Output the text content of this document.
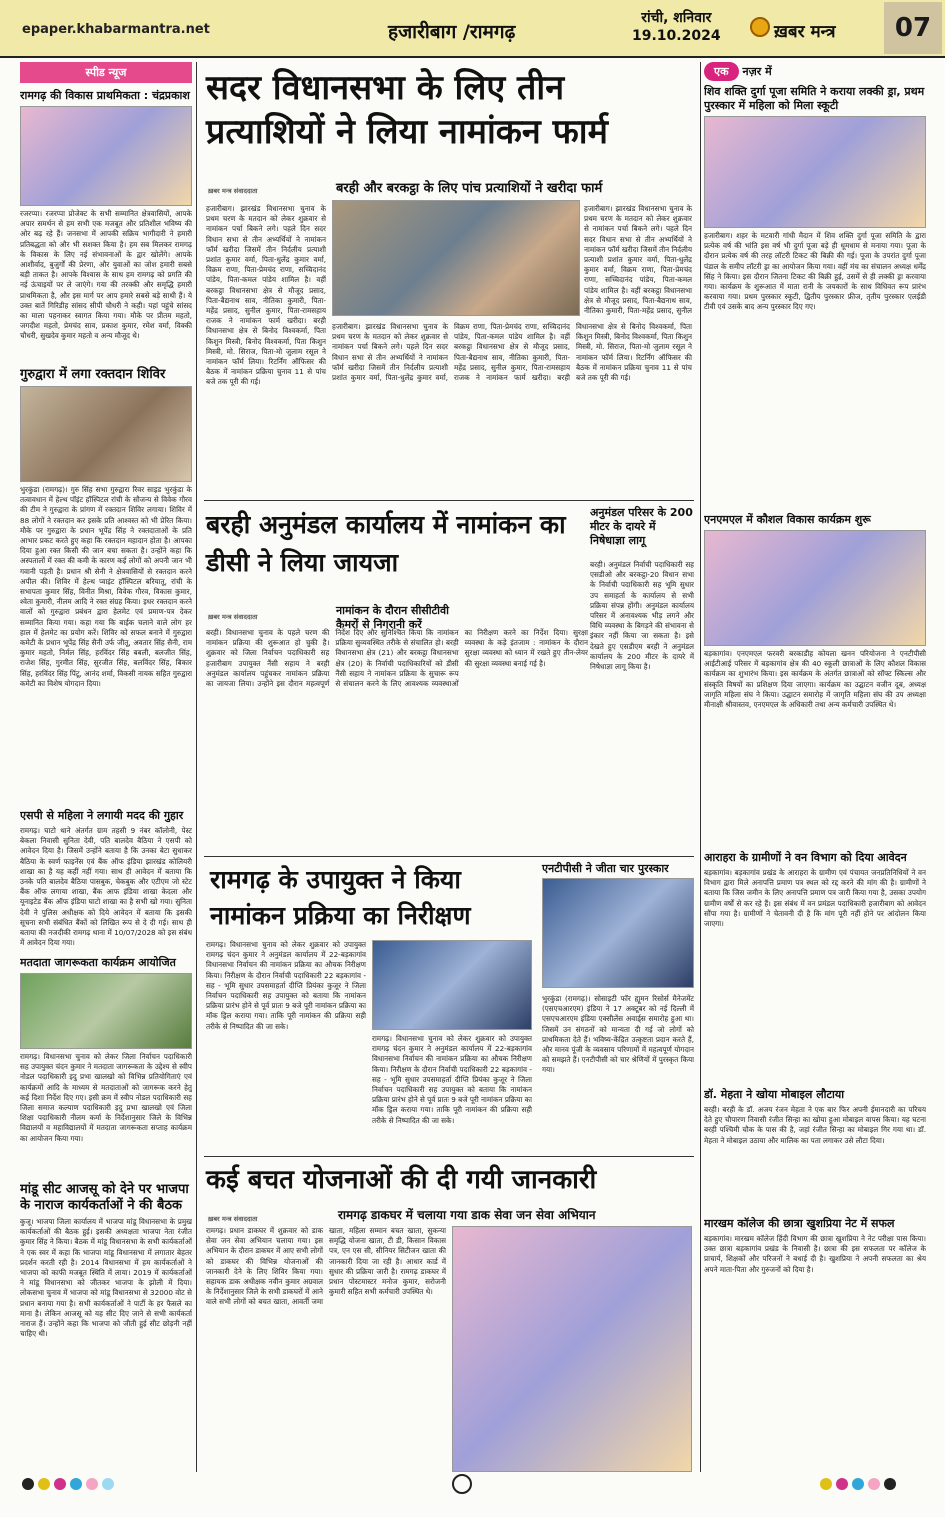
epaper.khabarmantra.net	हजारीबाग /रामगढ़
रांची, शनिवार
19.10.2024	ख़बर मन्त्र	07
स्पीड न्यूज
रामगढ़ की विकास प्राथमिकता : चंद्रप्रकाश
रजरप्पा। रजरप्पा प्रोजेक्ट के सभी सम्मानित क्षेत्रवासियों, आपके अपार समर्थन से हम सभी एक मजबूत और प्रतिशील भविष्य की ओर बढ़ रहे हैं। जनसभा में आपकी सक्रिय भागीदारी ने हमारी प्रतिबद्धता को और भी सशक्त किया है। हम सब मिलकर रामगढ़ के विकास के लिए नई संभावनाओं के द्वार खोलेंगे। आपके आशीर्वाद, बुजुर्गों की प्रेरणा, और युवाओं का जोश हमारी सबसे बड़ी ताकत है। आपके विश्वास के साथ हम रामगढ़ को प्रगति की नई ऊंचाइयों पर ले जाएंगे। गया की तरक्की और समृद्धि हमारी प्राथमिकता है, और इस मार्ग पर आप हमारे सबसे बड़े साथी हैं। ये उक्त बातें गिरिडीह सांसद सीपी चौधरी ने कही। यहां पहुंचे सांसद का माला पहनाकर स्वागत किया गया। मौके पर प्रीतम महतो, जगदीश महतो, प्रेमचंद साव, प्रकाश कुमार, रमेश वर्मा, विक्की चौधरी, सुखदेव कुमार महतो व अन्य मौजूद थे।
गुरुद्वारा में लगा रक्तदान शिविर
भुरकुंडा (रामगढ़)। गुरु सिंह सभा गुरुद्वारा रिवर साइड भुरकुंडा के तत्वावधान में हेल्थ पॉइंट हॉस्पिटल रांची के सौजन्य से विवेक गौरव की टीम ने गुरुद्वारा के प्रांगण में रक्तदान शिविर लगाया। शिविर में 88 लोगों ने रक्तदान कर इसके प्रति आश्वस्त को भी प्रेरित किया। मौके पर गुरुद्वारा के प्रधान भूपेंद्र सिंह ने रक्तदाताओं के प्रति आभार प्रकट करते हुए कहा कि रक्तदान महादान होता है। आपका दिया हुआ रक्त किसी की जान बचा सकता है। उन्होंने कहा कि अस्पतालों में रक्त की कमी के कारण कई लोगों को अपनी जान भी गवानी पड़ती है। प्रधान श्री सेनी ने क्षेत्रवासियों से रक्तदान करने अपील की। शिविर में हेल्थ प्वाइंट हॉस्पिटल बरियातू, रांची के सभापता कुमार सिंह, विनीत मिश्रा, विवेक गौरव, विकास कुमार, श्वेता कुमारी, नीलम आदि ने रक्त संग्रह किया। इधर रक्तदान करने वालों को गुरुद्वारा प्रबंधन द्वारा हेलमेट एवं प्रमाण-पत्र देकर सम्मानित किया गया। कहा गया कि बाईक चलाने वाले लोग हर हाल में हेलमेट का प्रयोग करें। शिविर को सफल बनाने में गुरुद्वारा कमेटी के प्रधान भूपेंद्र सिंह सैनी उर्फ जीतू, अवतार सिंह सैनी, राम कुमार महतो, निर्मल सिंह, हरविंदर सिंह बबली, बलजीत सिंह, राजेश सिंह, गुरमीत सिंह, सुरजीत सिंह, बलविंदर सिंह, बिकार सिंह, हरविंदर सिंह पिंटू, आनंद शर्मा, विकसी नायक सहित गुरुद्वारा कमेटी का विशेष योगदान दिया।
एसपी से महिला ने लगायी मदद की गुहार
रामगढ़। घाटो थाने अंतर्गत ग्राम तहसी 9 नंबर कॉलोनी, पेस्ट बेकला निवासी सुनिता देवी, पति बालदेव बैठिया ने एसपी को आवेदन दिया है। जिसमें उन्होंने बताया है कि उनका बेटा सुधाकर बैठिया के स्वर्ण फाइनेंस एवं बैंक ऑफ इंडिया झारखंड कोलियरी शाखा का है यह कहीं नहीं गया। साथ ही आवेदन में बताया कि उनके पति बालदेव बैठिया पासबुक, चेकबुक और एटीएम जो स्टेट बैंक ऑफ लगाया शाखा, बैंक आफ इंडिया शाखा केदला और यूनाइटेड बैंक ऑफ इंडिया घाटो शाखा का है सभी खो गया। सुनिता देवी ने पुलिस अधीक्षक को दिये आवेदन में बताया कि इसकी सूचना सभी संबंधित बैंकों को लिखित रूप से दे दी गई। साथ ही बताया की नजदीकी रामगढ़ थाना में 10/07/2028 को इस संबंध में आवेदन दिया गया।
मतदाता जागरूकता कार्यक्रम आयोजित
रामगढ़। विधानसभा चुनाव को लेकर जिला निर्वाचन पदाधिकारी सह उपायुक्त चंदन कुमार ने मतदाता जागरूकता के उद्देश्य से स्वीप नोडल पदाधिकारी इदु प्रभा खालखो को विभिन्न प्रतियोगिताएं एवं कार्यक्रमों आदि के माध्यम से मतदाताओं को जागरूक करने हेतु कई दिशा निर्देश दिए गए। इसी क्रम में स्वीप नोडल पदाधिकारी सह जिला समाज कल्याण पदाधिकारी इदु प्रभा खालखो एवं जिला शिक्षा पदाधिकारी नीलम कर्मा के निर्देशानुसार जिले के विभिन्न विद्यालयों व महाविद्यालयों में मतदाता जागरूकता सप्ताह कार्यक्रम का आयोजन किया गया।
मांडू सीट आजसू को देने पर भाजपा के नाराज कार्यकर्ताओं ने की बैठक
कुजू। भाजपा जिला कार्यालय में भाजपा मांडू विधानसभा के प्रमुख कार्यकर्ताओं की बैठक हुई। इसकी अध्यक्षता भाजपा नेता रंजीत कुमार सिंह ने किया। बैठक में मांडू विधानसभा के सभी कार्यकर्ताओं ने एक स्वर में कहा कि भाजपा मांडू विधानसभा में लगातार बेहतर प्रदर्शन करती रही है। 2014 विधानसभा में हम कार्यकर्ताओं ने भाजपा को काफी मजबूत स्थिति में लाया। 2019 में कार्यकर्ताओं ने मांडू विधानसभा को जीतकर भाजपा के झोली में दिया। लोकसभा चुनाव में भाजपा को मांडू विधानसभा से 32000 वोट से प्रधान बनाया गया है। सभी कार्यकर्ताओं ने पार्टी के हर फैसले का माना है। लेकिन आजसू को यह सीट दिए जाने से सभी कार्यकर्ता नाराज हैं। उन्होंने कहा कि भाजपा को जीती हुई सीट छोड़नी नहीं चाहिए थी।
सदर विधानसभा के लिए तीन प्रत्याशियों ने लिया नामांकन फार्म
बरही और बरकट्ठा के लिए पांच प्रत्याशियों ने खरीदा फार्म
ख़बर मन्त्र संवाददाता
हजारीबाग। झारखंड विधानसभा चुनाव के प्रथम चरण के मतदान को लेकर शुक्रवार से नामांकन पर्चा बिकने लगे। पहले दिन सदर विधान सभा से तीन अभ्यर्थियों ने नामांकन फॉर्म खरीदा जिसमें तीन निर्दलीय प्रत्याशी प्रशांत कुमार वर्मा, पिता-धुलेंद्र कुमार वर्मा, विक्रम राणा, पिता-प्रेमचंद राणा, सच्चिदानंद पांडेय, पिता-कमल पांडेय शामिल है। वहीं बरकट्ठा विधानसभा क्षेत्र से मौजूद प्रसाद, पिता-बैद्यनाथ साव, नीतिका कुमारी, पिता-महेंद्र प्रसाद, सुनील कुमार, पिता-रामसहाय राजक ने नामांकन फार्म खरीदा। बरही विधानसभा क्षेत्र से बिनोद विश्वकर्मा, पिता किशुन मिस्त्री, बिनोद विश्वकर्मा, पिता किशुन मिस्त्री, मो. सिराज, पिता-मो जुलाम रसूल ने नामांकन फॉर्म लिया। रिटर्निंग ऑफिसर की बैठक में नामांकन प्रक्रिया चुनाव 11 से पांच बजे तक पूरी की गई।
हजारीबाग। झारखंड विधानसभा चुनाव के प्रथम चरण के मतदान को लेकर शुक्रवार से नामांकन पर्चा बिकने लगे। पहले दिन सदर विधान सभा से तीन अभ्यर्थियों ने नामांकन फॉर्म खरीदा जिसमें तीन निर्दलीय प्रत्याशी प्रशांत कुमार वर्मा, पिता-धुलेंद्र कुमार वर्मा, विक्रम राणा, पिता-प्रेमचंद राणा, सच्चिदानंद पांडेय, पिता-कमल पांडेय शामिल है। वहीं बरकट्ठा विधानसभा क्षेत्र से मौजूद प्रसाद, पिता-बैद्यनाथ साव, नीतिका कुमारी, पिता-महेंद्र प्रसाद, सुनील कुमार, पिता-रामसहाय राजक ने नामांकन फार्म खरीदा। बरही विधानसभा क्षेत्र से बिनोद विश्वकर्मा, पिता किशुन मिस्त्री, बिनोद विश्वकर्मा, पिता किशुन मिस्त्री, मो. सिराज, पिता-मो जुलाम रसूल ने नामांकन फॉर्म लिया। रिटर्निंग ऑफिसर की बैठक में नामांकन प्रक्रिया चुनाव 11 से पांच बजे तक पूरी की गई।
हजारीबाग। झारखंड विधानसभा चुनाव के प्रथम चरण के मतदान को लेकर शुक्रवार से नामांकन पर्चा बिकने लगे। पहले दिन सदर विधान सभा से तीन अभ्यर्थियों ने नामांकन फॉर्म खरीदा जिसमें तीन निर्दलीय प्रत्याशी प्रशांत कुमार वर्मा, पिता-धुलेंद्र कुमार वर्मा, विक्रम राणा, पिता-प्रेमचंद राणा, सच्चिदानंद पांडेय, पिता-कमल पांडेय शामिल है। वहीं बरकट्ठा विधानसभा क्षेत्र से मौजूद प्रसाद, पिता-बैद्यनाथ साव, नीतिका कुमारी, पिता-महेंद्र प्रसाद, सुनील
बरही अनुमंडल कार्यालय में नामांकन का डीसी ने लिया जायजा
ख़बर मन्त्र संवाददाता	नामांकन के दौरान सीसीटीवी कैमरों से निगरानी करें
बरही। विधानसभा चुनाव के पहले चरण की नामांकन प्रक्रिया की शुरूआत हो चुकी है। शुक्रवार को जिला निर्वाचन पदाधिकारी सह हजारीबाग उपायुक्त नैंसी सहाय ने बरही अनुमंडल कार्यालय पहुंचकर नामांकन प्रक्रिया का जायजा लिया। उन्होंने इस दौरान महत्वपूर्ण निर्देश दिए और सुनिश्चित किया कि नामांकन प्रक्रिया सुव्यवस्थित तरीके से संचालित हो। बरही विधानसभा क्षेत्र (21) और बरकट्ठा विधानसभा क्षेत्र (20) के निर्वाची पदाधिकारियों को डीसी नैंसी सहाय ने नामांकन प्रक्रिया के सुचारू रूप से संचालन करने के लिए आवश्यक व्यवस्थाओं का निरीक्षण करने का निर्देश दिया। सुरक्षा व्यवस्था के कड़े इंतजाम : नामांकन के दौरान सुरक्षा व्यवस्था को ध्यान में रखते हुए तीन-लेयर की सुरक्षा व्यवस्था बनाई गई है।
अनुमंडल परिसर के 200 मीटर के दायरे में निषेधाज्ञा लागू
बरही। अनुमंडल निर्वाची पदाधिकारी सह एसडीओ और बरकट्ठा-20 विधान सभा के निर्वाची पदाधिकारी सह भूमि सुधार उप समाहर्ता के कार्यालय से सभी प्रक्रिया संपन्न होंगी। अनुमंडल कार्यालय परिसर में अनावश्यक भीड़ लगने और विधि व्यवस्था के बिगड़ने की संभावना से इंकार नहीं किया जा सकता है। इसे देखते हुए एसडीएम बरही ने अनुमंडल कार्यालय के 200 मीटर के दायरे में निषेधाज्ञा लागू किया है।
रामगढ़ के उपायुक्त ने किया नामांकन प्रक्रिया का निरीक्षण
रामगढ़। विधानसभा चुनाव को लेकर शुक्रवार को उपायुक्त रामगढ़ चंदन कुमार ने अनुमंडल कार्यालय में 22-बड़कागांव विधानसभा निर्वाचन की नामांकन प्रक्रिया का औचक निरीक्षण किया। निरीक्षण के दौरान निर्वाची पदाधिकारी 22 बड़कागांव - सह - भूमि सुधार उपसमाहर्ता दीप्ति प्रियंका कुजूर ने जिला निर्वाचन पदाधिकारी सह उपायुक्त को बताया कि नामांकन प्रक्रिया प्रारंभ होने से पूर्व प्रातः 9 बजे पूरी नामांकन प्रक्रिया का मॉक ड्रिल कराया गया। ताकि पूरी नामांकन की प्रक्रिया सही तरीके से निष्पादित की जा सके।
रामगढ़। विधानसभा चुनाव को लेकर शुक्रवार को उपायुक्त रामगढ़ चंदन कुमार ने अनुमंडल कार्यालय में 22-बड़कागांव विधानसभा निर्वाचन की नामांकन प्रक्रिया का औचक निरीक्षण किया। निरीक्षण के दौरान निर्वाची पदाधिकारी 22 बड़कागांव - सह - भूमि सुधार उपसमाहर्ता दीप्ति प्रियंका कुजूर ने जिला निर्वाचन पदाधिकारी सह उपायुक्त को बताया कि नामांकन प्रक्रिया प्रारंभ होने से पूर्व प्रातः 9 बजे पूरी नामांकन प्रक्रिया का मॉक ड्रिल कराया गया। ताकि पूरी नामांकन की प्रक्रिया सही तरीके से निष्पादित की जा सके।
एनटीपीसी ने जीता चार पुरस्कार
भुरकुंडा (रामगढ़)। सोसाइटी फॉर ह्यूमन रिसोर्स मैनेजमेंट (एसएचआरएम) इंडिया ने 17 अक्टूबर को नई दिल्ली में एसएचआरएम इंडिया एक्सीलेंस अवार्ड्स समारोह हुआ था। जिसमें उन संगठनों को मान्यता दी गई जो लोगों को प्राथमिकता देते हैं। भविष्य-केंद्रित उत्कृष्टता प्रदान करते हैं, और मानव पूंजी के व्यवसाय परिणामों में महत्वपूर्ण योगदान को समझते हैं। एनटीपीसी को चार श्रेणियों में पुरस्कृत किया गया।
कई बचत योजनाओं की दी गयी जानकारी
ख़बर मन्त्र संवाददाता	रामगढ़ डाकघर में चलाया गया डाक सेवा जन सेवा अभियान
रामगढ़। प्रधान डाकघर में शुक्रवार को डाक सेवा जन सेवा अभियान चलाया गया। इस अभियान के दौरान डाकघर में आए सभी लोगों को डाकघर की विभिन्न योजनाओं की जानकारी देने के लिए शिविर किया गया। सहायक डाक अधीक्षक नवीन कुमार अग्रवाल के निर्देशानुसार जिले के सभी डाकघरों में आने वाले सभी लोगों को बचत खाता, आवर्ती जमा खाता, महिला सम्मान बचत खाता, सुकन्या समृद्धि योजना खाता, टी डी, किसान विकास पत्र, एन एस सी, सीनियर सिटीजन खाता की जानकारी दिया जा रही है। आधार कार्ड में सुधार की प्रक्रिया जारी है। रामगढ़ डाकघर में प्रधान पोस्टमास्टर मनोज कुमार, सरोजनी कुमारी सहित सभी कर्मचारी उपस्थित थे।
एक	नज़र में
शिव शक्ति दुर्गा पूजा समिति ने कराया लक्की ड्रा, प्रथम पुरस्कार में महिला को मिला स्कूटी
हजारीबाग। शहर के मटवारी गांधी मैदान में शिव शक्ति दुर्गा पूजा समिति के द्वारा प्रत्येक वर्ष की भांति इस वर्ष भी दुर्गा पूजा बड़े ही धूमधाम से मनाया गया। पूजा के दौरान प्रत्येक वर्ष की तरह लॉटरी टिकट की बिक्री की गई। पूजा के उपरांत दुर्गा पूजा पंडाल के समीप लॉटरी ड्रा का आयोजन किया गया। वहीं मंच का संचालन अध्यक्ष धर्मेंद्र सिंह ने किया। इस दौरान जितना टिकट की बिक्री हुई, उसमें से ही लक्की ड्रा करवाया गया। कार्यक्रम के शुरूआत में माता रानी के जयकारों के साथ विधिवत रूप प्रारंभ करवाया गया। प्रथम पुरस्कार स्कूटी, द्वितीय पुरस्कार फ्रीज, तृतीय पुरस्कार एलईडी टीवी एवं उसके बाद अन्य पुरस्कार दिए गए।
एनएमएल में कौशल विकास कार्यक्रम शुरू
बड़कागांव। एनएमएल फरवरी बरकाडीह कोयला खनन परियोजना ने एनटीपीसी आईटीआई परिसर में बड़कागांव क्षेत्र की 40 स्कूली छात्राओं के लिए कौशल विकास कार्यक्रम का शुभारंभ किया। इस कार्यक्रम के अंतर्गत छात्राओं को सॉफ्ट स्किल्स और संस्कृति विषयों का प्रशिक्षण दिया जाएगा। कार्यक्रम का उद्घाटन वजीन दूब, अध्यक्ष जागृति महिला संघ ने किया। उद्घाटन समारोह में जागृति महिला संघ की उप अध्यक्षा मीनाक्षी श्रीवास्तव, एनएमएल के अधिकारी तथा अन्य कर्मचारी उपस्थित थे।
आराहरा के ग्रामीणों ने वन विभाग को दिया आवेदन
बड़कागांव। बड़कागांव प्रखंड के आराहरा के ग्रामीण एवं पंचायत जनप्रतिनिधियों ने वन विभाग द्वारा मिले अनापत्ति प्रमाण पत्र स्थल को रद्द करने की मांग की है। ग्रामीणों ने बताया कि जिस जमीन के लिए अनापत्ति प्रमाण पत्र जारी किया गया है, उसका उपयोग ग्रामीण वर्षों से कर रहे हैं। इस संबंध में वन प्रमंडल पदाधिकारी हजारीबाग को आवेदन सौंपा गया है। ग्रामीणों ने चेतावनी दी है कि मांग पूरी नहीं होने पर आंदोलन किया जाएगा।
डॉ. मेहता ने खोया मोबाइल लौटाया
बरही। बरही के डॉ. अजय रंजन मेहता ने एक बार फिर अपनी ईमानदारी का परिचय देते हुए चौपारण निवासी रंजीत सिन्हा का खोया हुआ मोबाइल वापस किया। यह घटना बरही पश्चिमी चौक के पास की है, जहां रंजीत सिन्हा का मोबाइल गिर गया था। डॉ. मेहता ने मोबाइल उठाया और मालिक का पता लगाकर उसे लौटा दिया।
मारखम कॉलेज की छात्रा खुशप्रिया नेट में सफल
बड़कागांव। मारखम कॉलेज हिंदी विभाग की छात्रा खुशप्रिया ने नेट परीक्षा पास किया। उक्त छात्रा बड़कागांव प्रखंड के निवासी है। छात्रा की इस सफलता पर कॉलेज के प्राचार्य, शिक्षकों और परिजनों ने बधाई दी है। खुशप्रिया ने अपनी सफलता का श्रेय अपने माता-पिता और गुरुजनों को दिया है।
